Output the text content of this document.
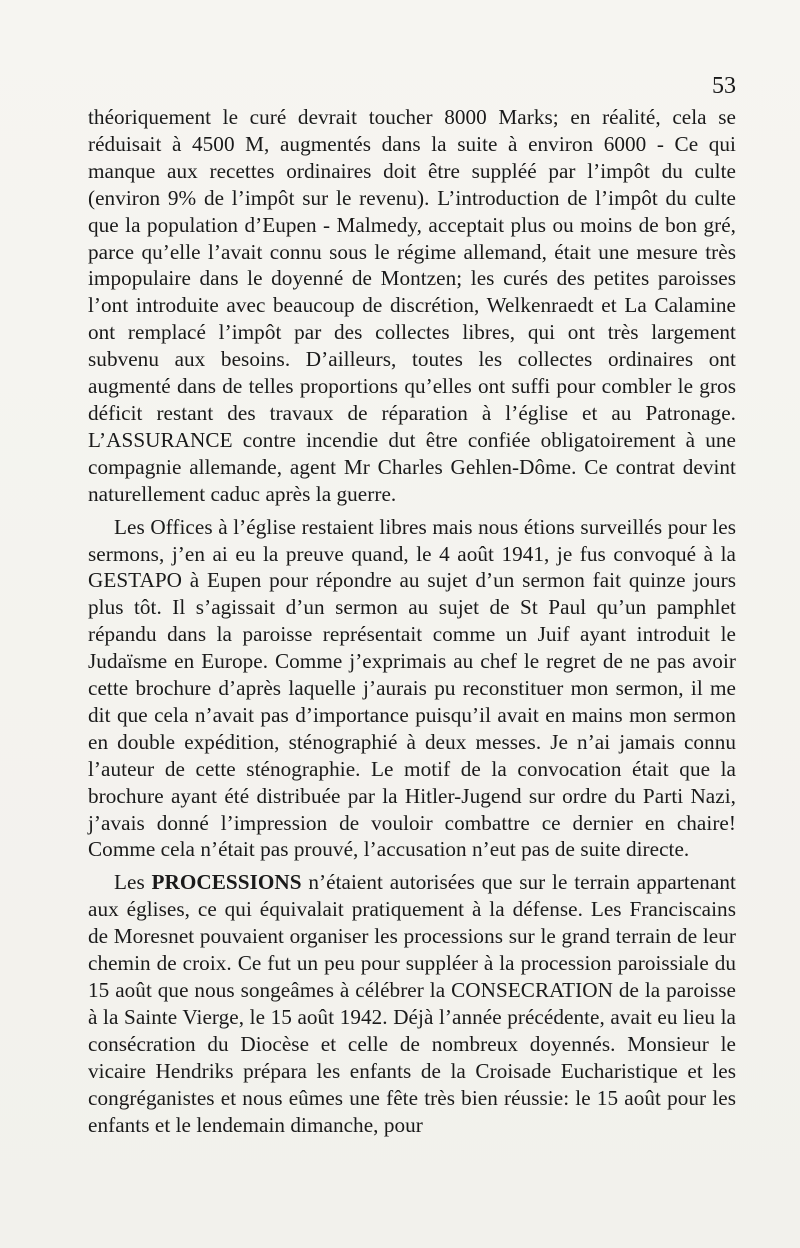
53

théoriquement le curé devrait toucher 8000 Marks; en réalité, cela se réduisait à 4500 M, augmentés dans la suite à environ 6000 - Ce qui manque aux recettes ordinaires doit être suppléé par l’impôt du culte (environ 9% de l’impôt sur le revenu). L’introduction de l’impôt du culte que la population d’Eupen - Malmedy, acceptait plus ou moins de bon gré, parce qu’elle l’avait connu sous le régime allemand, était une mesure très impopulaire dans le doyenné de Montzen; les curés des petites paroisses l’ont introduite avec beaucoup de discrétion, Welkenraedt et La Calamine ont remplacé l’impôt par des collectes libres, qui ont très largement subvenu aux besoins. D’ailleurs, toutes les collectes ordinaires ont augmenté dans de telles proportions qu’elles ont suffi pour combler le gros déficit restant des travaux de réparation à l’église et au Patronage. L’ASSURANCE contre incendie dut être confiée obligatoirement à une compagnie allemande, agent Mr Charles Gehlen-Dôme. Ce contrat devint naturellement caduc après la guerre.

Les Offices à l’église restaient libres mais nous étions surveillés pour les sermons, j’en ai eu la preuve quand, le 4 août 1941, je fus convoqué à la GESTAPO à Eupen pour répondre au sujet d’un sermon fait quinze jours plus tôt. Il s’agissait d’un sermon au sujet de St Paul qu’un pamphlet répandu dans la paroisse représentait comme un Juif ayant introduit le Judaïsme en Europe. Comme j’exprimais au chef le regret de ne pas avoir cette brochure d’après laquelle j’aurais pu reconstituer mon sermon, il me dit que cela n’avait pas d’importance puisqu’il avait en mains mon sermon en double expédition, sténographié à deux messes. Je n’ai jamais connu l’auteur de cette sténographie. Le motif de la convocation était que la brochure ayant été distribuée par la Hitler-Jugend sur ordre du Parti Nazi, j’avais donné l’impression de vouloir combattre ce dernier en chaire! Comme cela n’était pas prouvé, l’accusation n’eut pas de suite directe.

Les PROCESSIONS n’étaient autorisées que sur le terrain appartenant aux églises, ce qui équivalait pratiquement à la défense. Les Franciscains de Moresnet pouvaient organiser les processions sur le grand terrain de leur chemin de croix. Ce fut un peu pour suppléer à la procession paroissiale du 15 août que nous songeâmes à célébrer la CONSECRATION de la paroisse à la Sainte Vierge, le 15 août 1942. Déjà l’année précédente, avait eu lieu la consécration du Diocèse et celle de nombreux doyennés. Monsieur le vicaire Hendriks prépara les enfants de la Croisade Eucharistique et les congréganistes et nous eûmes une fête très bien réussie: le 15 août pour les enfants et le lendemain dimanche, pour
